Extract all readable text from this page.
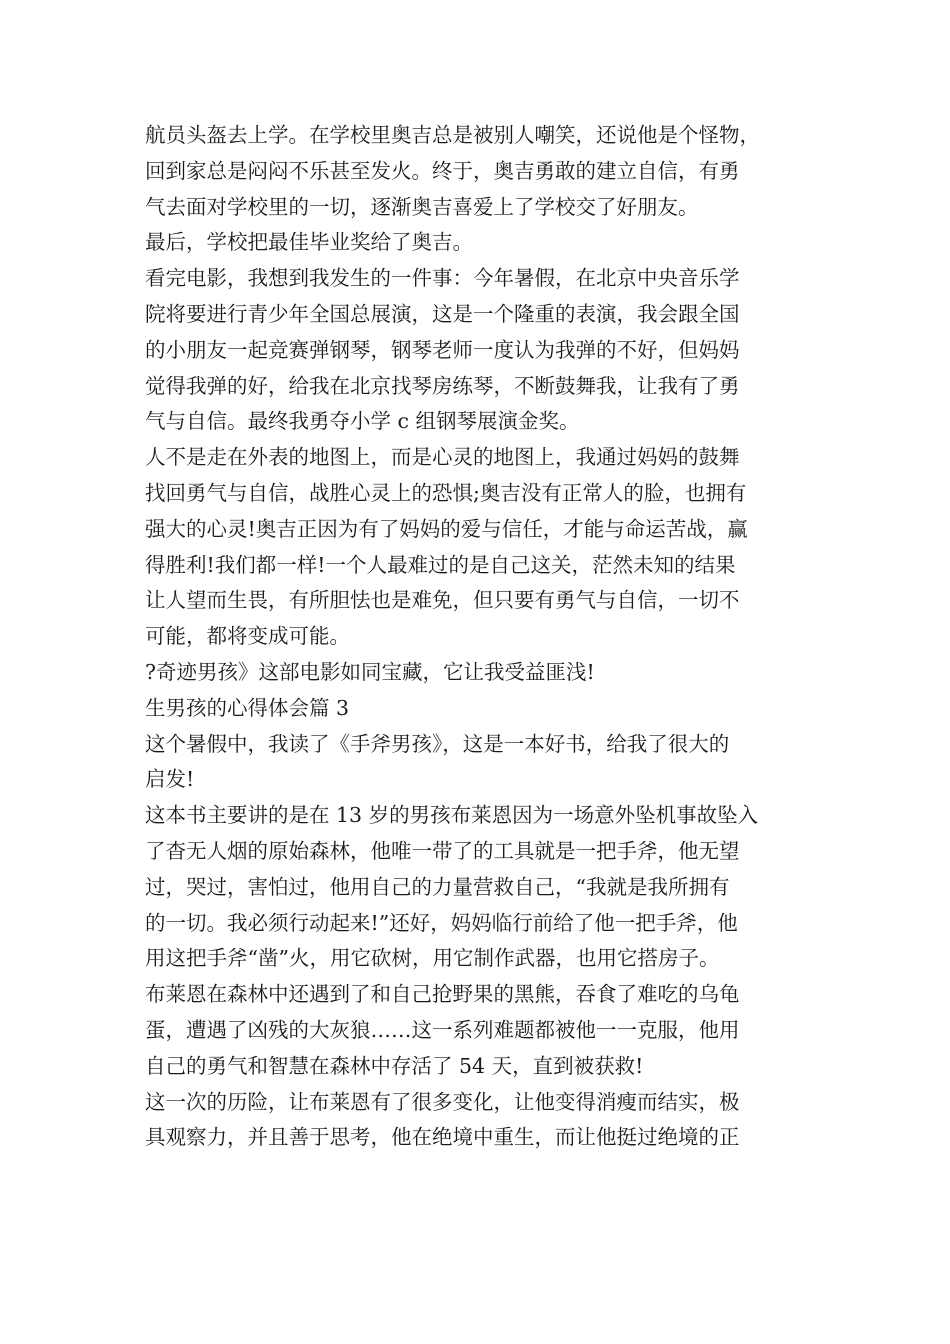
航员头盔去上学。在学校里奥吉总是被别人嘲笑，还说他是个怪物，
回到家总是闷闷不乐甚至发火。终于，奥吉勇敢的建立自信，有勇
气去面对学校里的一切，逐渐奥吉喜爱上了学校交了好朋友。
最后，学校把最佳毕业奖给了奥吉。
看完电影，我想到我发生的一件事：今年暑假，在北京中央音乐学
院将要进行青少年全国总展演，这是一个隆重的表演，我会跟全国
的小朋友一起竞赛弹钢琴，钢琴老师一度认为我弹的不好，但妈妈
觉得我弹的好，给我在北京找琴房练琴，不断鼓舞我，让我有了勇
气与自信。最终我勇夺小学 c 组钢琴展演金奖。
人不是走在外表的地图上，而是心灵的地图上，我通过妈妈的鼓舞
找回勇气与自信，战胜心灵上的恐惧;奥吉没有正常人的脸，也拥有
强大的心灵!奥吉正因为有了妈妈的爱与信任，才能与命运苦战，赢
得胜利!我们都一样!一个人最难过的是自己这关，茫然未知的结果
让人望而生畏，有所胆怯也是难免，但只要有勇气与自信，一切不
可能，都将变成可能。
?奇迹男孩》这部电影如同宝藏，它让我受益匪浅!
生男孩的心得体会篇 3
这个暑假中，我读了《手斧男孩》，这是一本好书，给我了很大的
启发!
这本书主要讲的是在 13 岁的男孩布莱恩因为一场意外坠机事故坠入
了杳无人烟的原始森林，他唯一带了的工具就是一把手斧，他无望
过，哭过，害怕过，他用自己的力量营救自己，“我就是我所拥有
的一切。我必须行动起来!”还好，妈妈临行前给了他一把手斧，他
用这把手斧“凿”火，用它砍树，用它制作武器，也用它搭房子。
布莱恩在森林中还遇到了和自己抢野果的黑熊，吞食了难吃的乌龟
蛋，遭遇了凶残的大灰狼……这一系列难题都被他一一克服，他用
自己的勇气和智慧在森林中存活了 54 天，直到被获救!
这一次的历险，让布莱恩有了很多变化，让他变得消瘦而结实，极
具观察力，并且善于思考，他在绝境中重生，而让他挺过绝境的正
